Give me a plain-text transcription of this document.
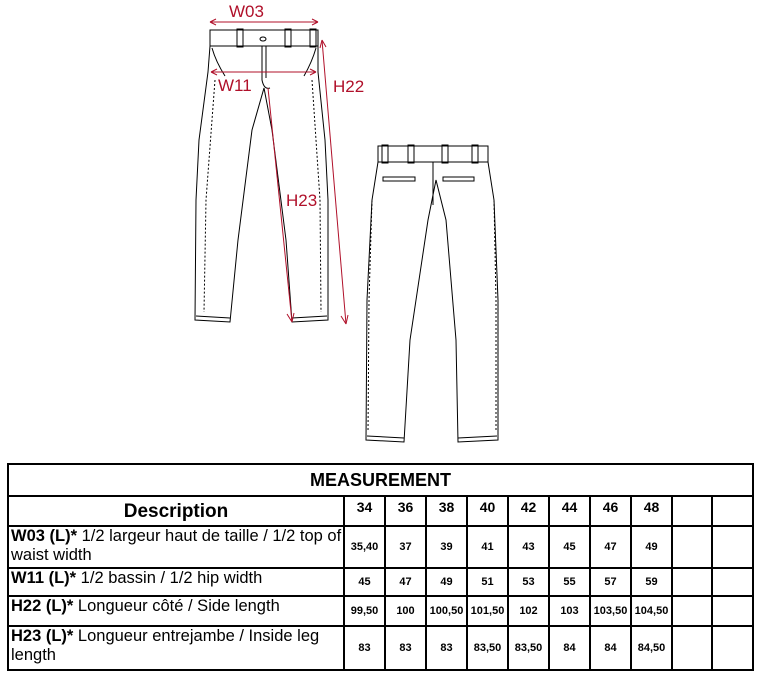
W03
W11	H22
H23
MEASUREMENT										
Description	34	36	38	40	42	44	46	48		
W03 (L)* 1/2 largeur haut de taille / 1/2 top of waist width	35,40	37	39	41	43	45	47	49		
W11 (L)* 1/2 bassin / 1/2 hip width	45	47	49	51	53	55	57	59		
H22 (L)* Longueur côté / Side length	99,50	100	100,50	101,50	102	103	103,50	104,50		
H23 (L)* Longueur entrejambe / Inside leg length	83	83	83	83,50	83,50	84	84	84,50		
